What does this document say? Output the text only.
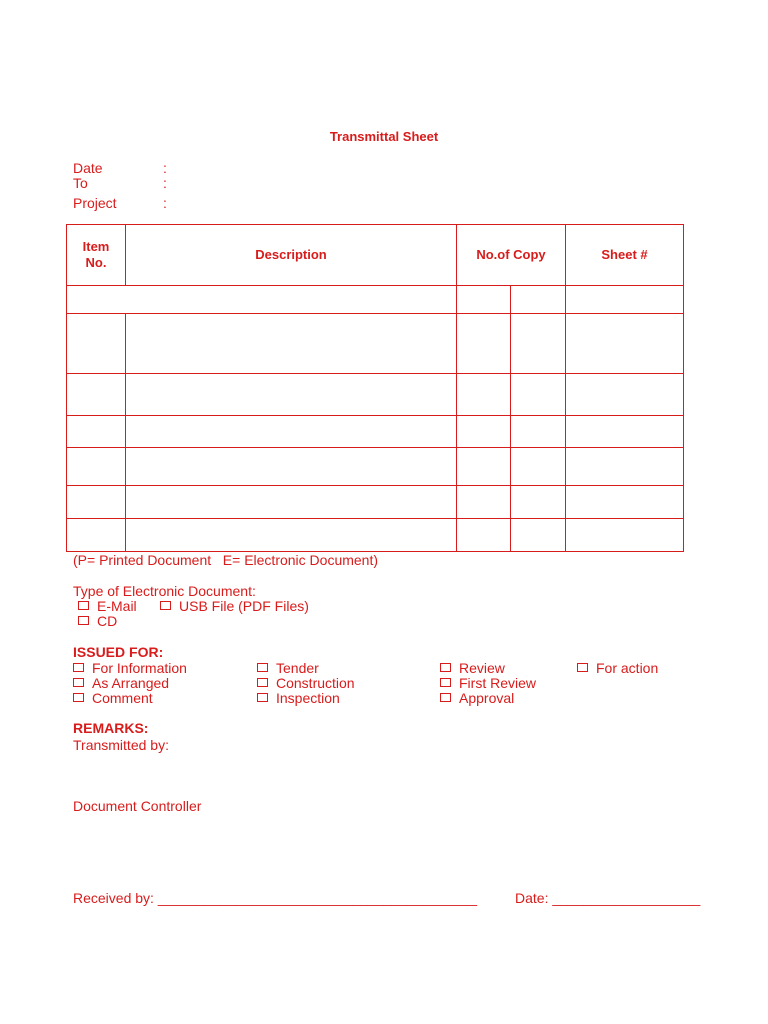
Transmittal Sheet
Date	:
To	:
Project	:
Item
No.	Description	No.of Copy		Sheet #

(P= Printed Document   E= Electronic Document)
Type of Electronic Document:
E-Mail	USB File (PDF Files)
CD
ISSUED FOR:
For Information
As Arranged
Comment
Tender
Construction
Inspection
Review
First Review
Approval
For action
REMARKS:
Transmitted by:
Document Controller
Received by: _________________________________________	Date: ___________________
